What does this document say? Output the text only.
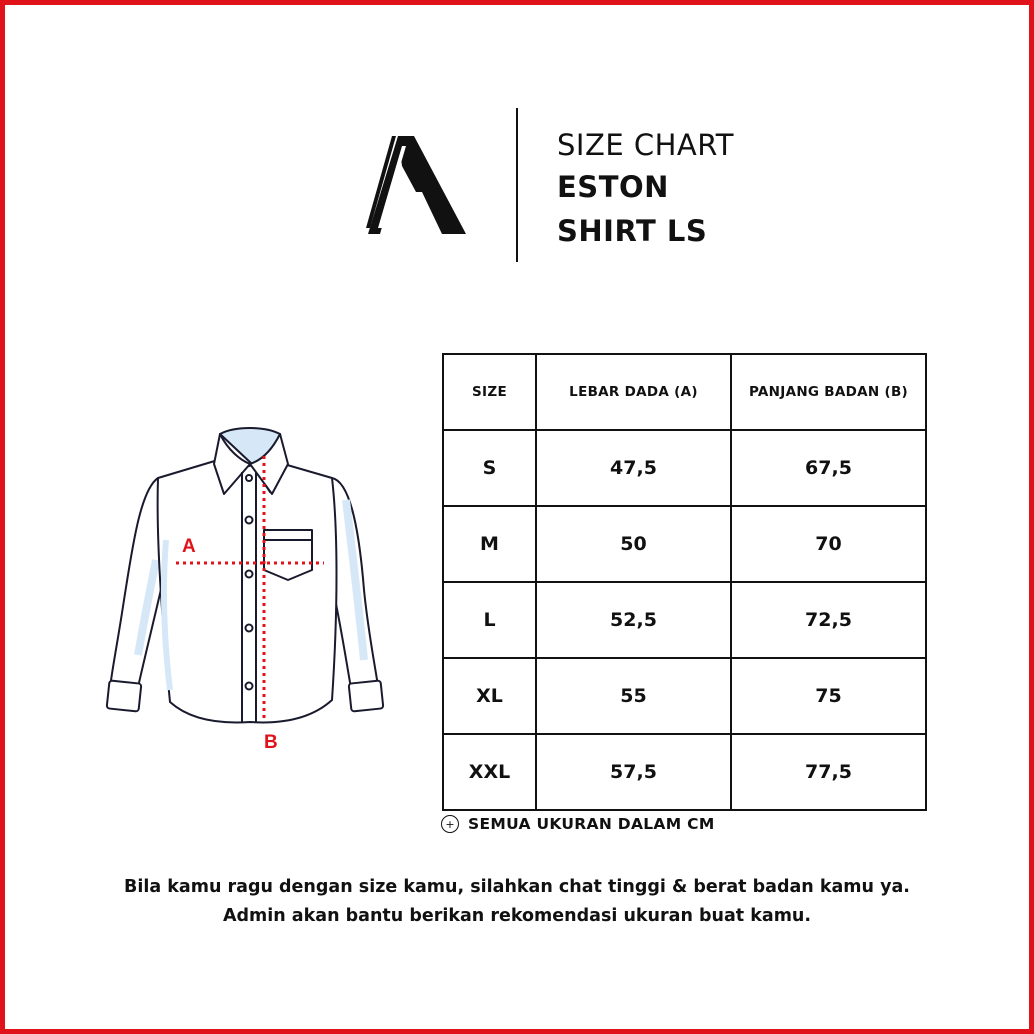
SIZE CHART
ESTON
SHIRT LS
A
B
SIZE	LEBAR DADA (A)	PANJANG BADAN (B)
S	47,5	67,5
M	50	70
L	52,5	72,5
XL	55	75
XXL	57,5	77,5
+ SEMUA UKURAN DALAM CM
Bila kamu ragu dengan size kamu, silahkan chat tinggi & berat badan kamu ya.
Admin akan bantu berikan rekomendasi ukuran buat kamu.
